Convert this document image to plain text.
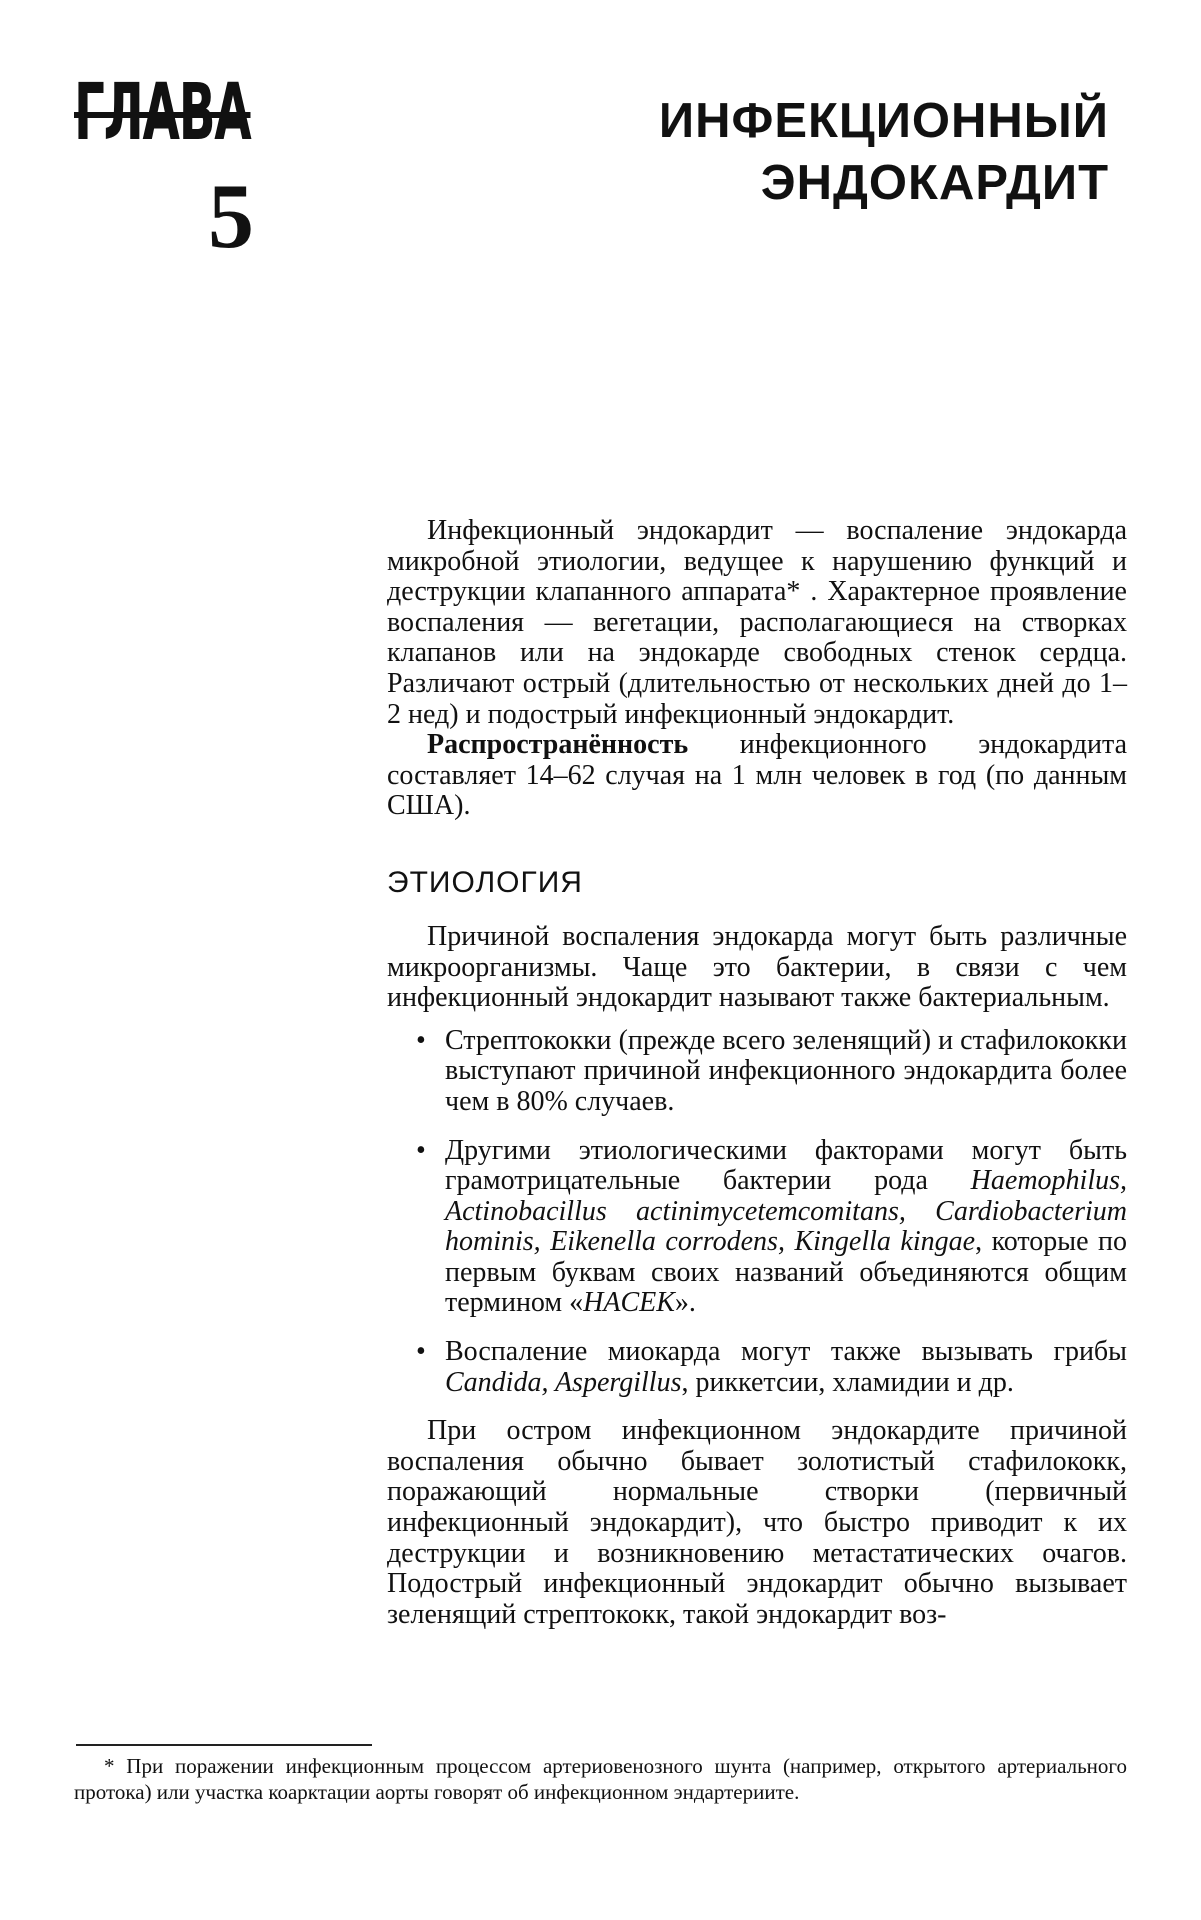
ГЛАВА
5
ИНФЕКЦИОННЫЙ
ЭНДОКАРДИТ

Инфекционный эндокардит — воспаление эндокарда микробной этиологии, ведущее к нарушению функций и деструкции клапанного аппарата* . Характерное проявление воспаления — вегетации, располагающиеся на створках клапанов или на эндокарде свободных стенок сердца. Различают острый (длительностью от нескольких дней до 1–2 нед) и подострый инфекционный эндокардит.

Распространённость инфекционного эндокардита составляет 14–62 случая на 1 млн человек в год (по данным США).

ЭТИОЛОГИЯ

Причиной воспаления эндокарда могут быть различные микроорганизмы. Чаще это бактерии, в связи с чем инфекционный эндокардит называют также бактериальным.

• Стрептококки (прежде всего зеленящий) и стафилококки выступают причиной инфекционного эндокардита более чем в 80% случаев.
• Другими этиологическими факторами могут быть грамотрицательные бактерии рода Haemophilus, Actinobacillus actinimycetemcomitans, Cardiobacterium hominis, Eikenella corrodens, Kingella kingae, которые по первым буквам своих названий объединяются общим термином «HACEK».
• Воспаление миокарда могут также вызывать грибы Candida, Aspergillus, риккетсии, хламидии и др.

При остром инфекционном эндокардите причиной воспаления обычно бывает золотистый стафилококк, поражающий нормальные створки (первичный инфекционный эндокардит), что быстро приводит к их деструкции и возникновению метастатических очагов. Подострый инфекционный эндокардит обычно вызывает зеленящий стрептококк, такой эндокардит воз-

* При поражении инфекционным процессом артериовенозного шунта (например, открытого артериального протока) или участка коарктации аорты говорят об инфекционном эндартериите.
